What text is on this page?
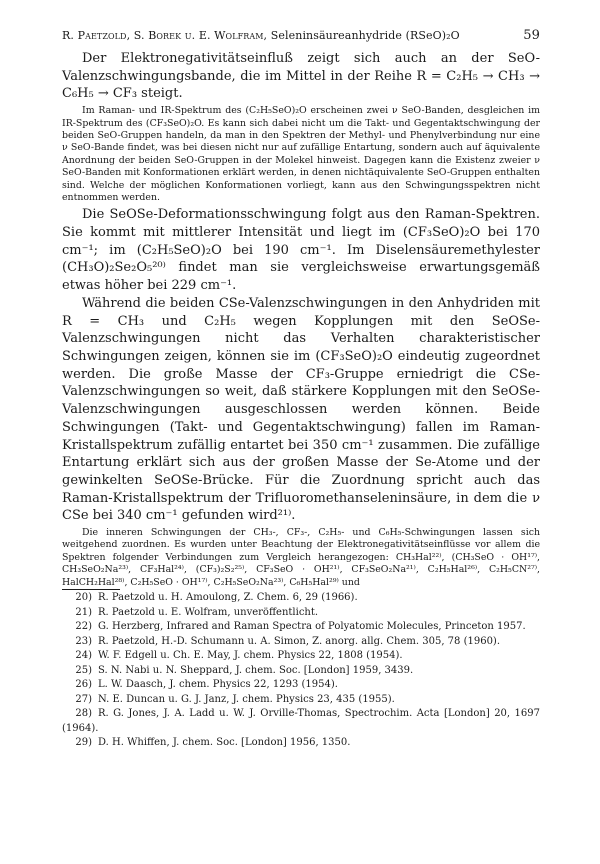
R. Paetzold, S. Borek u. E. Wolfram, Seleninsäureanhydride (RSeO)₂O	59

Der Elektronegativitätseinfluß zeigt sich auch an der SeO-Valenzschwingungsbande, die im Mittel in der Reihe R = C₂H₅ → CH₃ → C₆H₅ → CF₃ steigt.

Im Raman- und IR-Spektrum des (C₂H₅SeO)₂O erscheinen zwei ν SeO-Banden, desgleichen im IR-Spektrum des (CF₃SeO)₂O. Es kann sich dabei nicht um die Takt- und Gegentaktschwingung der beiden SeO-Gruppen handeln, da man in den Spektren der Methyl- und Phenylverbindung nur eine ν SeO-Bande findet, was bei diesen nicht nur auf zufällige Entartung, sondern auch auf äquivalente Anordnung der beiden SeO-Gruppen in der Molekel hinweist. Dagegen kann die Existenz zweier ν SeO-Banden mit Konformationen erklärt werden, in denen nichtäquivalente SeO-Gruppen enthalten sind. Welche der möglichen Konformationen vorliegt, kann aus den Schwingungsspektren nicht entnommen werden.

Die SeOSe-Deformationsschwingung folgt aus den Raman-Spektren. Sie kommt mit mittlerer Intensität und liegt im (CF₃SeO)₂O bei 170 cm⁻¹; im (C₂H₅SeO)₂O bei 190 cm⁻¹. Im Diselensäuremethylester (CH₃O)₂Se₂O₅²⁰⁾ findet man sie vergleichsweise erwartungsgemäß etwas höher bei 229 cm⁻¹.

Während die beiden CSe-Valenzschwingungen in den Anhydriden mit R = CH₃ und C₂H₅ wegen Kopplungen mit den SeOSe-Valenzschwingungen nicht das Verhalten charakteristischer Schwingungen zeigen, können sie im (CF₃SeO)₂O eindeutig zugeordnet werden. Die große Masse der CF₃-Gruppe erniedrigt die CSe-Valenzschwingungen so weit, daß stärkere Kopplungen mit den SeOSe-Valenzschwingungen ausgeschlossen werden können. Beide Schwingungen (Takt- und Gegentaktschwingung) fallen im Raman-Kristallspektrum zufällig entartet bei 350 cm⁻¹ zusammen. Die zufällige Entartung erklärt sich aus der großen Masse der Se-Atome und der gewinkelten SeOSe-Brücke. Für die Zuordnung spricht auch das Raman-Kristallspektrum der Trifluoromethanseleninsäure, in dem die ν CSe bei 340 cm⁻¹ gefunden wird²¹⁾.

Die inneren Schwingungen der CH₃-, CF₃-, C₂H₅- und C₆H₅-Schwingungen lassen sich weitgehend zuordnen. Es wurden unter Beachtung der Elektronegativitätseinflüsse vor allem die Spektren folgender Verbindungen zum Vergleich herangezogen: CH₃Hal²²⁾, (CH₃SeO · OH¹⁷⁾, CH₃SeO₂Na²³⁾, CF₃Hal²⁴⁾, (CF₃)₂S₂²⁵⁾, CF₃SeO · OH²¹⁾, CF₃SeO₂Na²¹⁾, C₂H₅Hal²⁶⁾, C₂H₅CN²⁷⁾, HalCH₂Hal²⁸⁾, C₂H₅SeO · OH¹⁷⁾, C₂H₅SeO₂Na²³⁾, C₆H₅Hal²⁹⁾ und

20) R. Paetzold u. H. Amoulong, Z. Chem. 6, 29 (1966).
21) R. Paetzold u. E. Wolfram, unveröffentlicht.
22) G. Herzberg, Infrared and Raman Spectra of Polyatomic Molecules, Princeton 1957.
23) R. Paetzold, H.-D. Schumann u. A. Simon, Z. anorg. allg. Chem. 305, 78 (1960).
24) W. F. Edgell u. Ch. E. May, J. chem. Physics 22, 1808 (1954).
25) S. N. Nabi u. N. Sheppard, J. chem. Soc. [London] 1959, 3439.
26) L. W. Daasch, J. chem. Physics 22, 1293 (1954).
27) N. E. Duncan u. G. J. Janz, J. chem. Physics 23, 435 (1955).
28) R. G. Jones, J. A. Ladd u. W. J. Orville-Thomas, Spectrochim. Acta [London] 20, 1697 (1964).
29) D. H. Whiffen, J. chem. Soc. [London] 1956, 1350.
